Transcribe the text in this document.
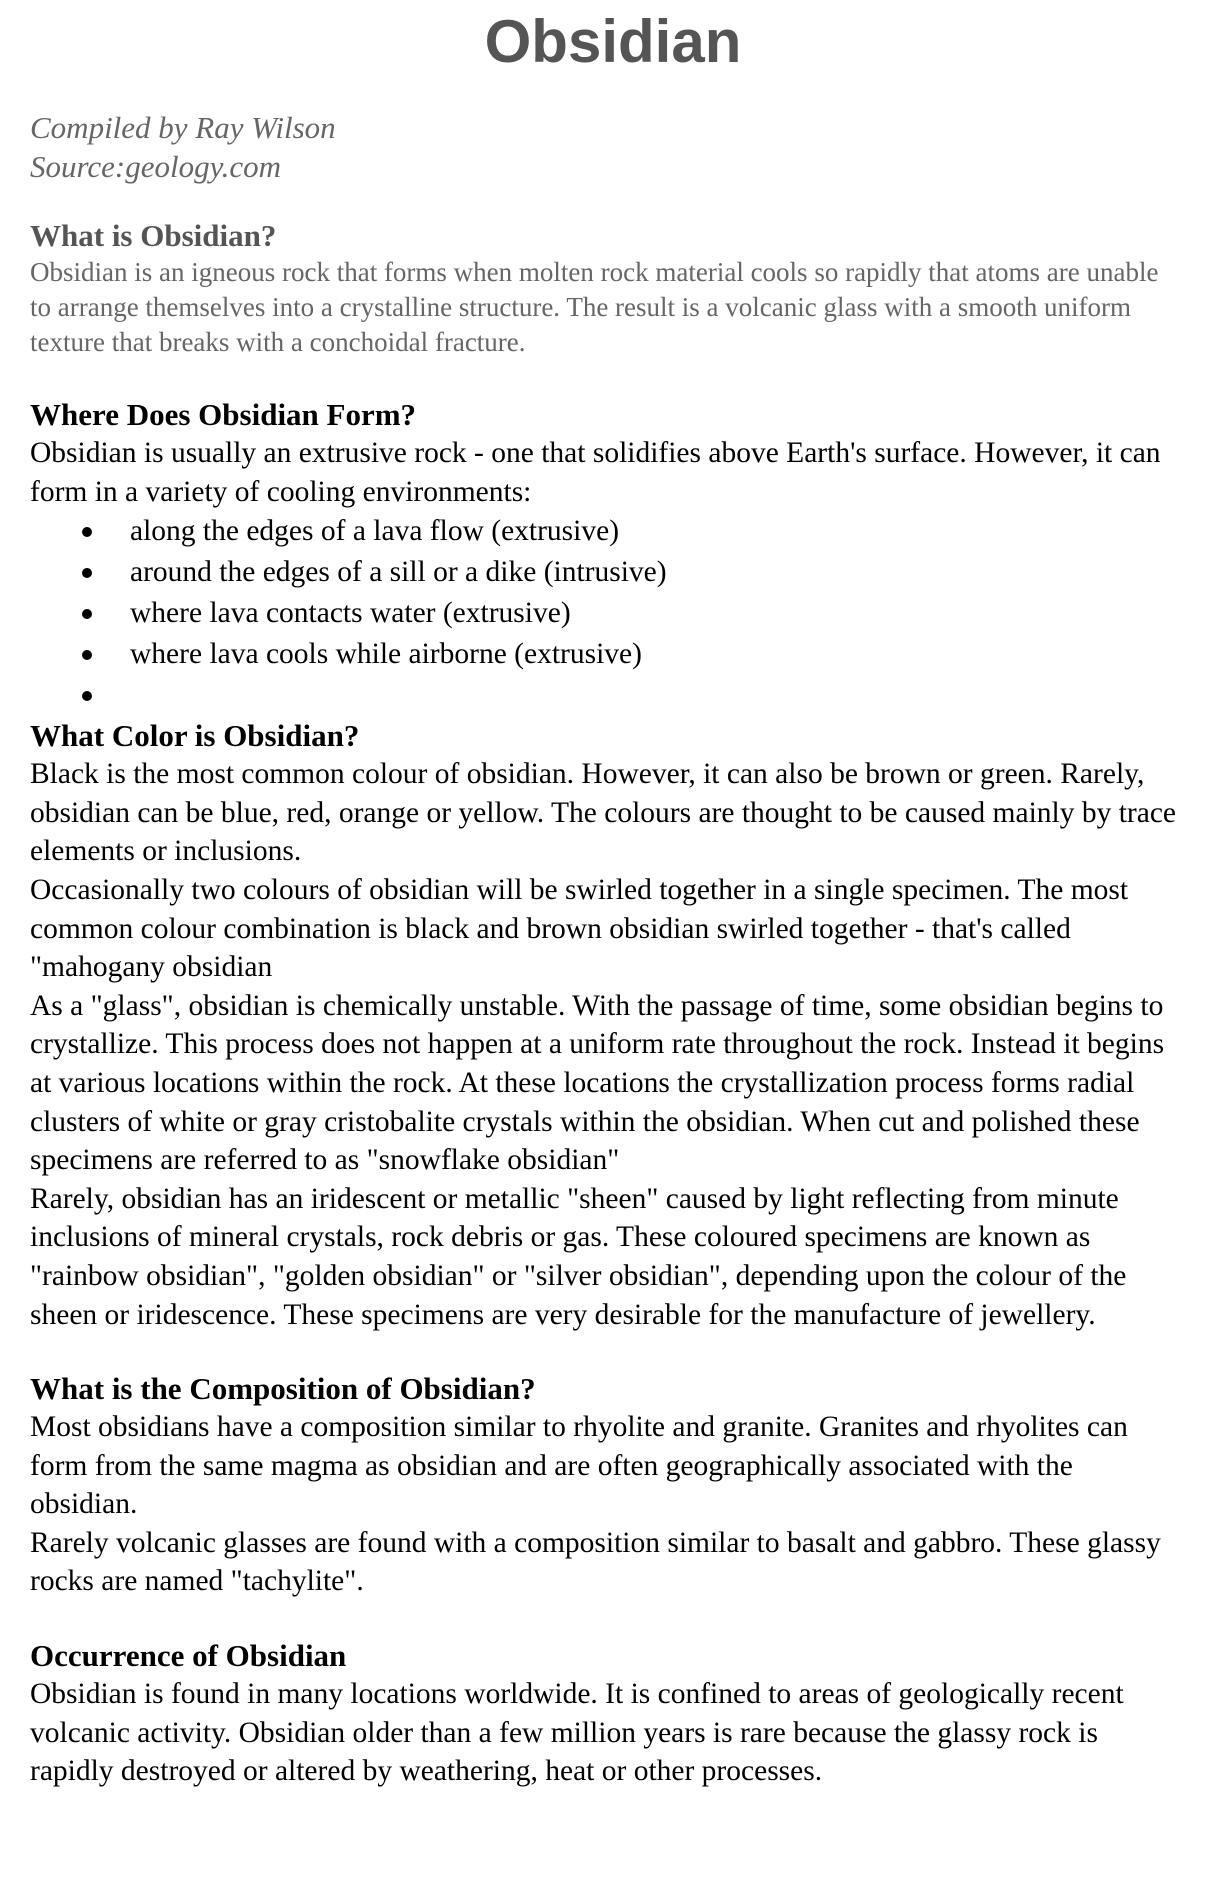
Obsidian
Compiled by Ray Wilson
Source:geology.com
What is Obsidian?

Obsidian is an igneous rock that forms when molten rock material cools so rapidly that atoms are unable to arrange themselves into a crystalline structure. The result is a volcanic glass with a smooth uniform texture that breaks with a conchoidal fracture.

Where Does Obsidian Form?

Obsidian is usually an extrusive rock - one that solidifies above Earth's surface. However, it can form in a variety of cooling environments:

along the edges of a lava flow (extrusive)
around the edges of a sill or a dike (intrusive)
where lava contacts water (extrusive)
where lava cools while airborne (extrusive)

What Color is Obsidian?

Black is the most common colour of obsidian. However, it can also be brown or green. Rarely, obsidian can be blue, red, orange or yellow. The colours are thought to be caused mainly by trace elements or inclusions.

Occasionally two colours of obsidian will be swirled together in a single specimen. The most common colour combination is black and brown obsidian swirled together - that's called "mahogany obsidian

As a "glass", obsidian is chemically unstable. With the passage of time, some obsidian begins to crystallize. This process does not happen at a uniform rate throughout the rock. Instead it begins at various locations within the rock. At these locations the crystallization process forms radial clusters of white or gray cristobalite crystals within the obsidian. When cut and polished these specimens are referred to as "snowflake obsidian"

Rarely, obsidian has an iridescent or metallic "sheen" caused by light reflecting from minute inclusions of mineral crystals, rock debris or gas. These coloured specimens are known as "rainbow obsidian", "golden obsidian" or "silver obsidian", depending upon the colour of the sheen or iridescence. These specimens are very desirable for the manufacture of jewellery.

What is the Composition of Obsidian?

Most obsidians have a composition similar to rhyolite and granite. Granites and rhyolites can form from the same magma as obsidian and are often geographically associated with the obsidian.

Rarely volcanic glasses are found with a composition similar to basalt and gabbro. These glassy rocks are named "tachylite".

Occurrence of Obsidian

Obsidian is found in many locations worldwide. It is confined to areas of geologically recent volcanic activity. Obsidian older than a few million years is rare because the glassy rock is rapidly destroyed or altered by weathering, heat or other processes.
